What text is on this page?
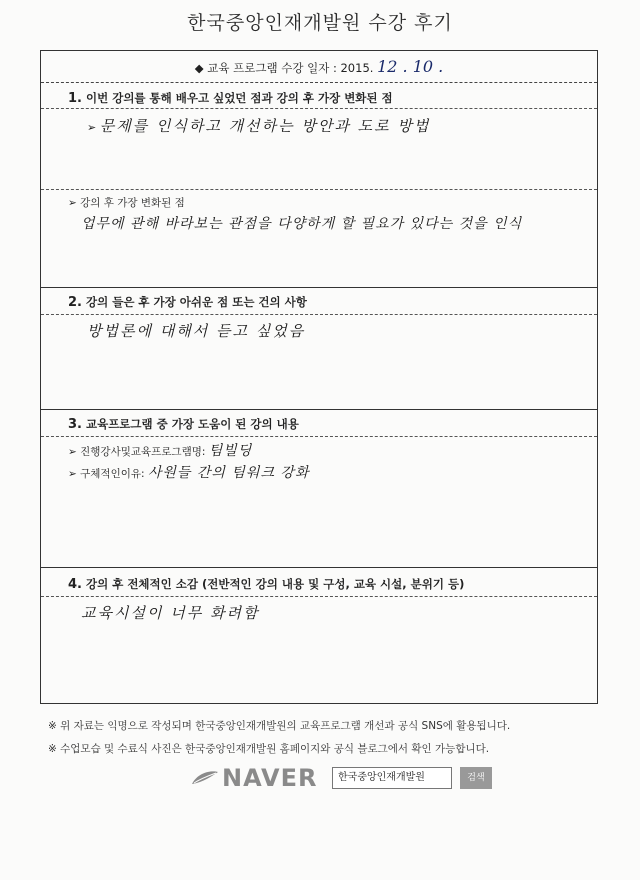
한국중앙인재개발원 수강 후기
◆ 교육 프로그램 수강 일자 : 2015. 12 . 10 .
1. 이번 강의를 통해 배우고 싶었던 점과 강의 후 가장 변화된 점
➢ 문제를 인식하고 개선하는 방안과 도로 방법
➢ 강의 후 가장 변화된 점
업무에 관해 바라보는 관점을 다양하게 할 필요가 있다는 것을 인식
2. 강의 들은 후 가장 아쉬운 점 또는 건의 사항
방법론에 대해서 듣고 싶었음
3. 교육프로그램 중 가장 도움이 된 강의 내용
➢ 진행강사및교육프로그램명: 팀빌딩
➢ 구체적인이유: 사원들 간의 팀워크 강화
4. 강의 후 전체적인 소감 (전반적인 강의 내용 및 구성, 교육 시설, 분위기 등)
교육시설이 너무 화려함
※ 위 자료는 익명으로 작성되며 한국중앙인재개발원의 교육프로그램 개선과 공식 SNS에 활용됩니다.
※ 수업모습 및 수료식 사진은 한국중앙인재개발원 홈페이지와 공식 블로그에서 확인 가능합니다.
NAVER	한국중앙인재개발원	검색
